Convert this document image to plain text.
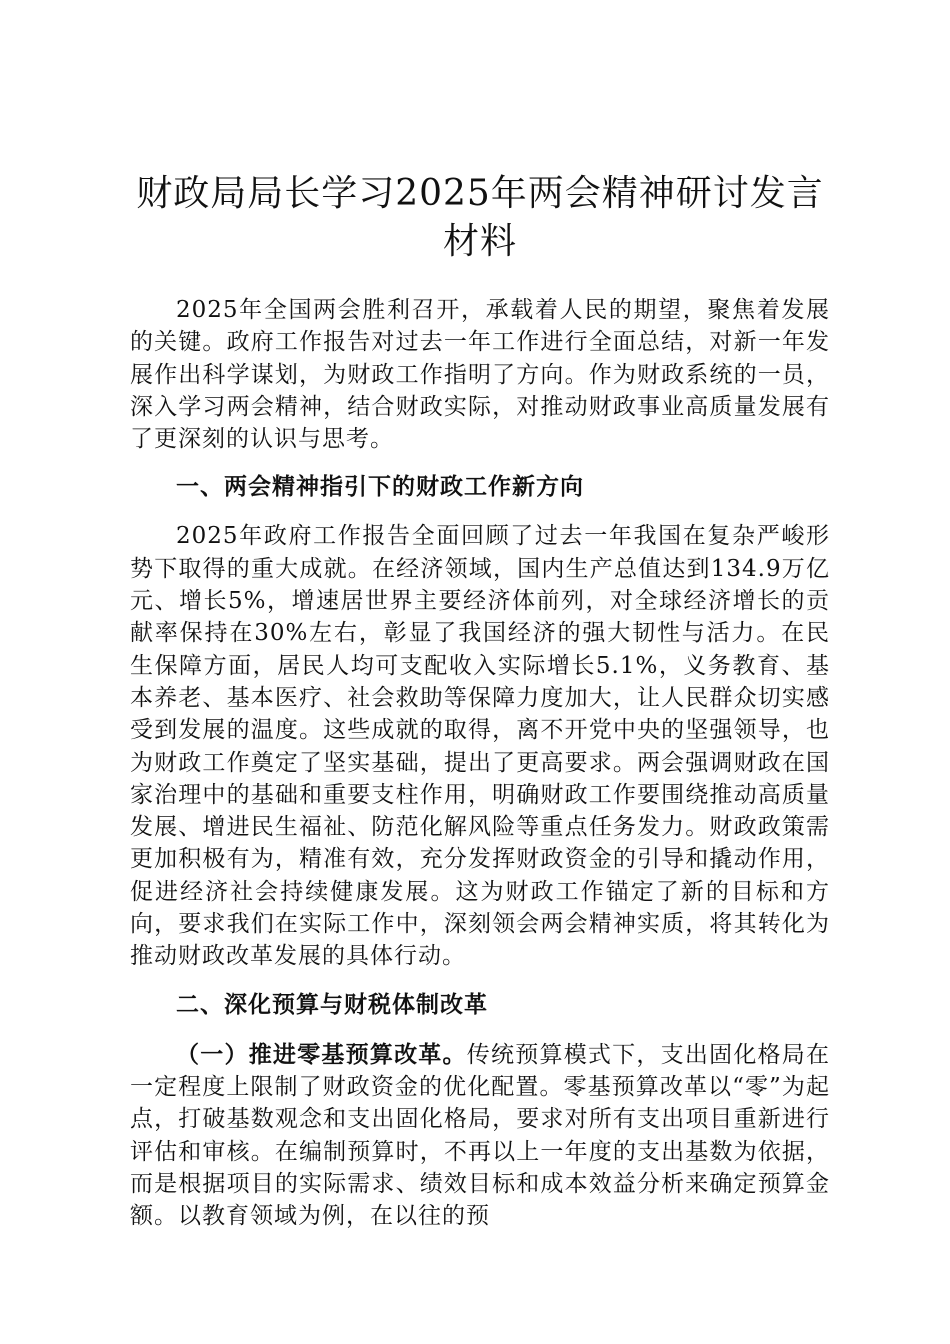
财政局局长学习2025年两会精神研讨发言材料

2025年全国两会胜利召开，承载着人民的期望，聚焦着发展的关键。政府工作报告对过去一年工作进行全面总结，对新一年发展作出科学谋划，为财政工作指明了方向。作为财政系统的一员，深入学习两会精神，结合财政实际，对推动财政事业高质量发展有了更深刻的认识与思考。

一、两会精神指引下的财政工作新方向

2025年政府工作报告全面回顾了过去一年我国在复杂严峻形势下取得的重大成就。在经济领域，国内生产总值达到134.9万亿元、增长5%，增速居世界主要经济体前列，对全球经济增长的贡献率保持在30%左右，彰显了我国经济的强大韧性与活力。在民生保障方面，居民人均可支配收入实际增长5.1%，义务教育、基本养老、基本医疗、社会救助等保障力度加大，让人民群众切实感受到发展的温度。这些成就的取得，离不开党中央的坚强领导，也为财政工作奠定了坚实基础，提出了更高要求。两会强调财政在国家治理中的基础和重要支柱作用，明确财政工作要围绕推动高质量发展、增进民生福祉、防范化解风险等重点任务发力。财政政策需更加积极有为，精准有效，充分发挥财政资金的引导和撬动作用，促进经济社会持续健康发展。这为财政工作锚定了新的目标和方向，要求我们在实际工作中，深刻领会两会精神实质，将其转化为推动财政改革发展的具体行动。

二、深化预算与财税体制改革

（一）推进零基预算改革。传统预算模式下，支出固化格局在一定程度上限制了财政资金的优化配置。零基预算改革以“零”为起点，打破基数观念和支出固化格局，要求对所有支出项目重新进行评估和审核。在编制预算时，不再以上一年度的支出基数为依据，而是根据项目的实际需求、绩效目标和成本效益分析来确定预算金额。以教育领域为例，在以往的预
